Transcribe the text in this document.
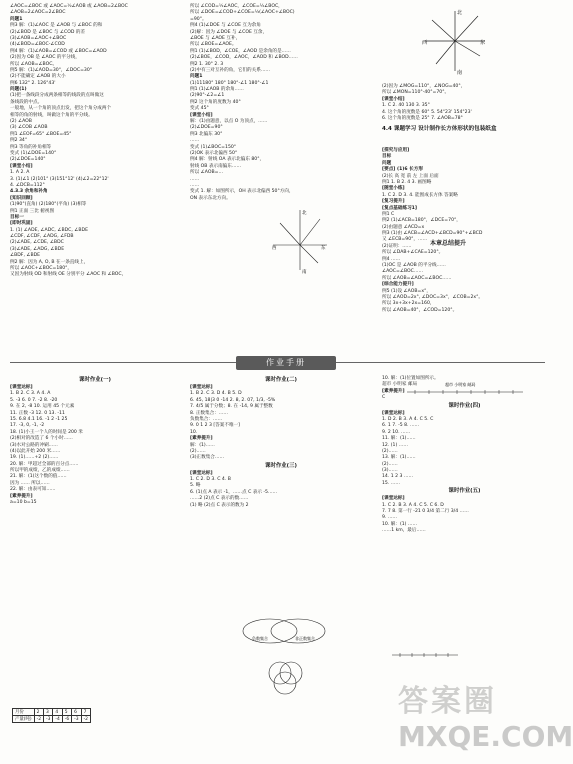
∠AOC=∠BOC 或 ∠AOC=½∠AOB 或 ∠AOB=2∠BOC
∠AOB=2∠AOC=2∠BOC
问题1
例3 解：(1)∠AOC 是 ∠AOB 与 ∠BOC 的和
(2)∠BOD 是 ∠BOC 与 ∠COD 的差
(3)∠AOB=∠AOC+∠BOC
(4)∠BOD=∠BOC-∠COD
例4 解：(1)∠AOB=∠COD 或 ∠BOC=∠AOD
(2)因为 OB 是 ∠AOC 的平分线，
所以 ∠AOB=∠BOC。
例5 解：(1)∠AOD=30°，∠DOC=30°
(2)不能确定 ∠AOB 的大小
例6 132° 2. 126°43'
问题(1)
(1)把一条线段分成两条相等的线段的点叫做这
条线段的中点。
一般地，从一个角的顶点出发，把这个角分成两个
相等的角的射线，叫做这个角的平分线。
(2) ∠AOB
(3) ∠COB ∠AOB
例1 ∠EOF=65° ∠BOE=45°
例2 34°
例3 等角的补角相等
变式 (1)∠DOE=140°
(2)∠DOE=140°
[课堂小结]
1. A 2. A
3. (1)∠1 (2)101° (3)151°12' (4)∠2=22°12'
4. ∠DCB=112°
4.3.3 余角和补角
[知识回顾]
(1)90°(直角) (2)180°(平角) (3)相等
例1 正面 三比 俯视图
目标一
[即时巩固]
1. (1) ∠ADE, ∠ADC, ∠BDC, ∠BDE
∠CDF, ∠CDF, ∠ADG, ∠FDB
(2)∠ADE, ∠CDE, ∠BDC
(3)∠ADE, ∠ADG, ∠BDE
∠BDF, ∠BDE
例2 解：因为 A, O, B 在一条直线上，
所以 ∠AOC+∠BOC=180°，
又因为射线 OD 和射线 OE 分别平分 ∠AOC 和 ∠BOC，
所以 ∠COD=½∠AOC，∠COE=½∠BOC，
所以 ∠DOE=∠COD+∠COE=½(∠AOC+∠BOC)
=90°。
例4 (1)∠DOE 与 ∠COE 互为余角
(2)解：因为 ∠DOE 与 ∠COE 互余，
∠BOE 与 ∠AOE 互补，
所以 ∠BOE=∠AOE。
例1 (1)∠BOD，∠COE，∠AOD 是余角的是……
(2)∠BOE，∠COD，∠AOC，∠AOD 和 ∠BOD……
例2 1. 30° 2. 3
(2)中有三对互补的角，它们的关系……
问题1
(1)11180° 180° 180°-∠1 180°-∠1
例1 (1)∠AOB 的余角……
(2)90°-∠2=∠1
例2 这个角的度数为 40°
变式 45°
[课堂小结]
解：(1)由题意，以点 O 为顶点，……
(2)∠DOE=90°
例3 北偏东 30°
……
变式 (1)∠BOC=150°
(2)OK 表示北偏西 50°
例4 解：射线 OA 表示北偏东 80°，
射线 OB 表示南偏东……
所以 ∠AOB=…
……
……
变式 1. 解：如图所示，OH 表示北偏西 50°方向，
ON 表示东北方向。
(2)因为 ∠MOG=110°，∠NOG=40°，
所以 ∠MON=110°-40°=70°。
[课堂小结]
1. C 2. 40 130 3. 35°
4. 这个角的度数是 60° 5. 54°23' 154°23'
6. 这个角的度数是 25° 7. ∠AOB=78°
4.4 课题学习 设计制作长方体形状的包装纸盒
[探究与应用]
目标
问题
[要点] (1)6 长方形
(2)长 高 宽 前 左 上面 后面
例1 1. B 2. 4 3. 画图略
[随堂小练]
1. C 2. D 3. 4. 能围成长方体 答案略
[复习提升]
[复点基础练习1]
例1 C
例2 (1)∠ACB=180°，∠DCE=70°，
(2)由题意 ∠ACD=x
例3 (1)由 ∠ACB=∠ACD+∠BCD=90°+∠BCD
又 ∠ECB=90°，……
(2)证明：……
所以 ∠DAB+∠CAE=120°。
例4 ……
(1)OC 是 ∠AOB 的平分线……
∠AOC=∠BOC……
所以 ∠AOB=∠AOC=∠BOC……
[综合能力提升]
例5 (1)设 ∠AOB=x°，
所以 ∠AOD=2x°, ∠DOC=3x°，∠COB=2x°。
所以 3x+3x+2x=160，
所以 ∠AOB=40°，∠COD=120°。
本章总结提升
北
东
西
南
北
东
西
南
作业手册
课时作业(一)
[课堂达标]
1. B 2. C 3. A 4. A
5. -3 6. 0 7. -2 8. -20
9. 在 2, -8 10. 运用 45 个元素
11. 正数 -3 12. 0 13. -11
15. 6.8 4.1 16. -1 2 -1 25
17. -3, 0, -1, -2
18. (1)小王一个人的时间是 200 米
(2)相对的改造了 6 个小时……
(3)水对公路的冲刷……
(4)以此开始 200 米……
19. (1)……+2 (2)……
20. 解：甲超过全部的百分点……
所以甲的成绩，乙的成绩……
21. 解：(1)这个数的值……
因为 …… 所以……
22. 解：由表可知……
[素养提升]
a=10 b=15
课时作业(二)
[课堂达标]
1. B 2. C 3. D 4. B 5. D
6. 45, 18|3 0 -14 2. 8, 2. 07, 1/3, -5%
7. 4/5 属于分数；8. 在 -14, 9 属于整数
8. 正数集合：……
负数集合：……
9. 0 1 2 3 [答案不唯一]
10.
[素养提升]
解：(1)……
(2)……
(3)正数集合……
课时作业(三)
[课堂达标]
1. C 2. D 3. C 4. B
5. 略
6. (1)点 A 表示 -1，……点 C 表示 -5……
……2 (2)点 C 表示的数……
(1) 略 (2)点 C 表示的数为 2
10. 解：(1)位置如图所示。
超市 小明家 邮局
[素养提升]
C
课时作业(四)
[课堂达标]
1. D 2. B 3. A 4. C 5. C
6. 1 7. -5 8. ……
9. 2 10. ……
11. 解：(1)……
12. (1) ……
(2)……
13. 解：(1)……
(2)……
(3)……
14. 1 2 3 ……
15. ……
课时作业(五)
[课堂达标]
1. C 2. B 3. A 4. C 5. C 6. D
7. 7 8. 第一行 -21 0 3/4 第二行 3/4 ……
9. ……
10. 解：(1) ……
……1 km，最后……
月份	2	3	4	5	6	7
产量(吨)	-2	-3	-4	-6	-3	-2
负数集合	非正数集合
超市 小明家 邮局
答案圈
MXQE.COM
